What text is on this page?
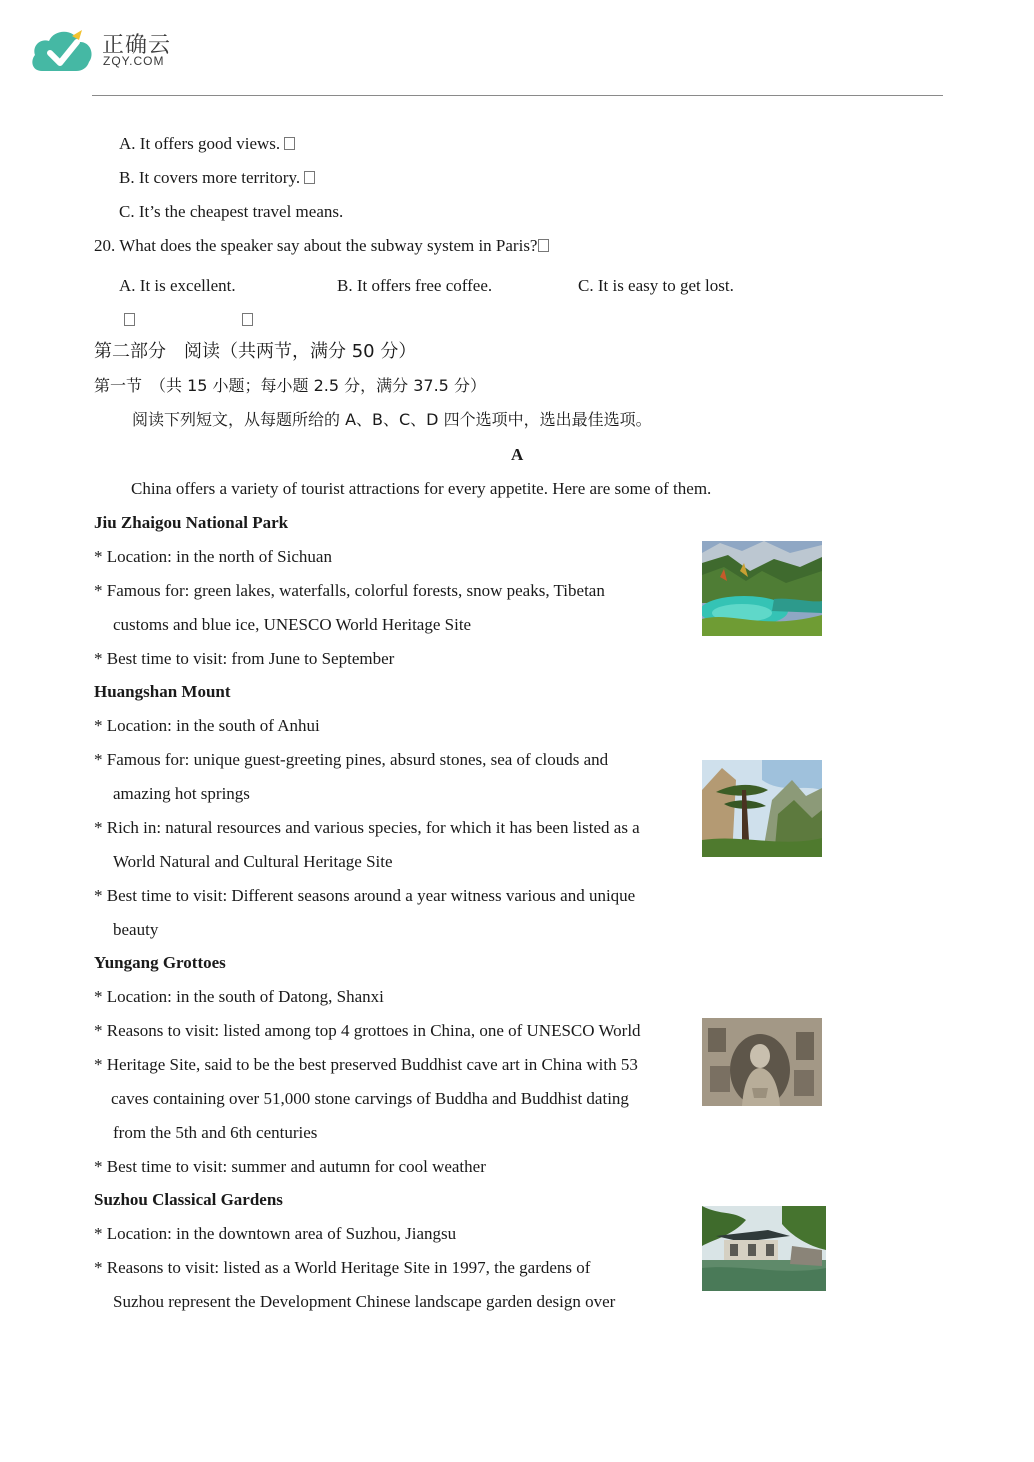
正确云
ZQY.COM
A. It offers good views.
B. It covers more territory.
C. It’s the cheapest travel means.
20. What does the speaker say about the subway system in Paris?
A. It is excellent.	B. It offers free coffee.	C. It is easy to get lost.
第二部分　阅读（共两节，满分 50 分）
第一节　（共 15 小题；每小题 2.5 分，满分 37.5 分）
阅读下列短文，从每题所给的 A、B、C、D 四个选项中，选出最佳选项。
A
China offers a variety of tourist attractions for every appetite. Here are some of them.
Jiu Zhaigou National Park
* Location: in the north of Sichuan
* Famous for: green lakes, waterfalls, colorful forests, snow peaks, Tibetan
customs and blue ice, UNESCO World Heritage Site
* Best time to visit: from June to September
Huangshan Mount
* Location: in the south of Anhui
* Famous for: unique guest-greeting pines, absurd stones, sea of clouds and
amazing hot springs
* Rich in: natural resources and various species, for which it has been listed as a
World Natural and Cultural Heritage Site
* Best time to visit: Different seasons around a year witness various and unique
beauty
Yungang Grottoes
* Location: in the south of Datong, Shanxi
* Reasons to visit: listed among top 4 grottoes in China, one of UNESCO World
* Heritage Site, said to be the best preserved Buddhist cave art in China with 53
caves containing over 51,000 stone carvings of Buddha and Buddhist dating
from the 5th and 6th centuries
* Best time to visit: summer and autumn for cool weather
Suzhou Classical Gardens
* Location: in the downtown area of Suzhou, Jiangsu
* Reasons to visit: listed as a World Heritage Site in 1997, the gardens of
Suzhou represent the Development Chinese landscape garden design over
